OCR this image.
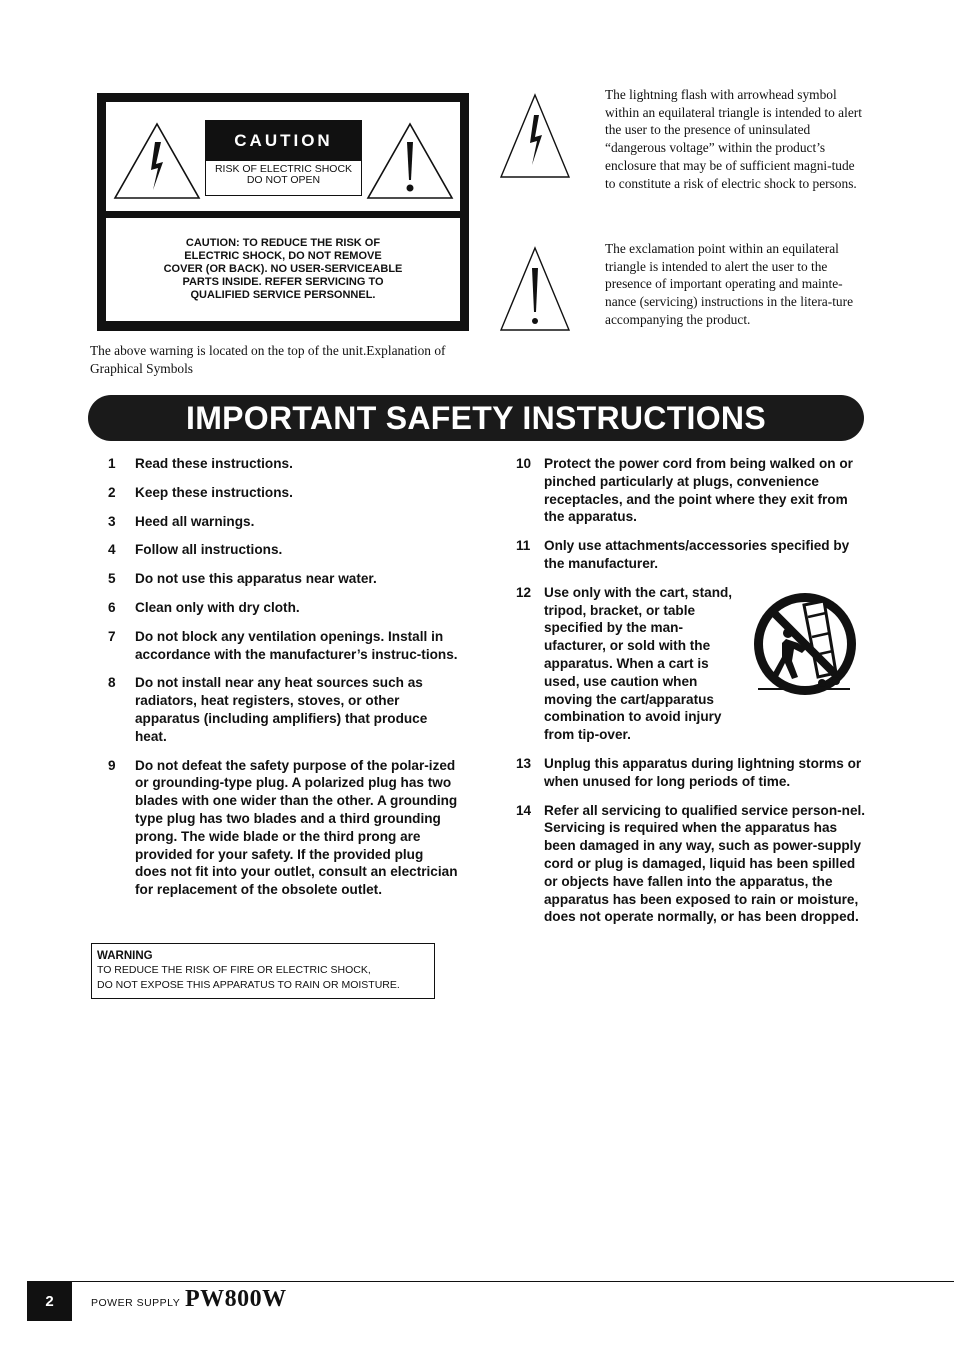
CAUTION
RISK OF ELECTRIC SHOCK
DO NOT OPEN
CAUTION: TO REDUCE THE RISK OF
ELECTRIC SHOCK, DO NOT REMOVE
COVER (OR BACK). NO USER-SERVICEABLE
PARTS INSIDE. REFER SERVICING TO
QUALIFIED SERVICE PERSONNEL.
The lightning flash with arrowhead symbol within an equilateral triangle is intended to alert the user to the presence of uninsulated “dangerous voltage” within the product’s enclosure that may be of sufficient magni-tude to constitute a risk of electric shock to persons.
The exclamation point within an equilateral triangle is intended to alert the user to the presence of important operating and mainte-nance (servicing) instructions in the litera-ture accompanying the product.
The above warning is located on the top of the unit.Explanation of Graphical Symbols
IMPORTANT SAFETY INSTRUCTIONS
1	Read these instructions.
2	Keep these instructions.
3	Heed all warnings.
4	Follow all instructions.
5	Do not use this apparatus near water.
6	Clean only with dry cloth.
7	Do not block any ventilation openings. Install in accordance with the manufacturer’s instruc-tions.
8	Do not install near any heat sources such as radiators, heat registers, stoves, or other apparatus (including amplifiers) that produce heat.
9	Do not defeat the safety purpose of the polar-ized or grounding-type plug. A polarized plug has two blades with one wider than the other. A grounding type plug has two blades and a third grounding prong. The wide blade or the third prong are provided for your safety. If the provided plug does not fit into your outlet, consult an electrician for replacement of the obsolete outlet.
WARNING
TO REDUCE THE RISK OF FIRE OR ELECTRIC SHOCK,
DO NOT EXPOSE THIS APPARATUS TO RAIN OR MOISTURE.
10 Protect the power cord from being walked on or pinched particularly at plugs, convenience receptacles, and the point where they exit from the apparatus.
11	Only use attachments/accessories specified by the manufacturer.
12 Use only with the cart, stand, tripod, bracket, or table specified by the man-ufacturer, or sold with the apparatus. When a cart is used, use caution when moving the cart/apparatus combination to avoid injury from tip-over.
13 Unplug this apparatus during lightning storms or when unused for long periods of time.
14 Refer all servicing to qualified service person-nel. Servicing is required when the apparatus has been damaged in any way, such as power-supply cord or plug is damaged, liquid has been spilled or objects have fallen into the apparatus, the apparatus has been exposed to rain or moisture, does not operate normally, or has been dropped.
2	POWER SUPPLY PW800W
